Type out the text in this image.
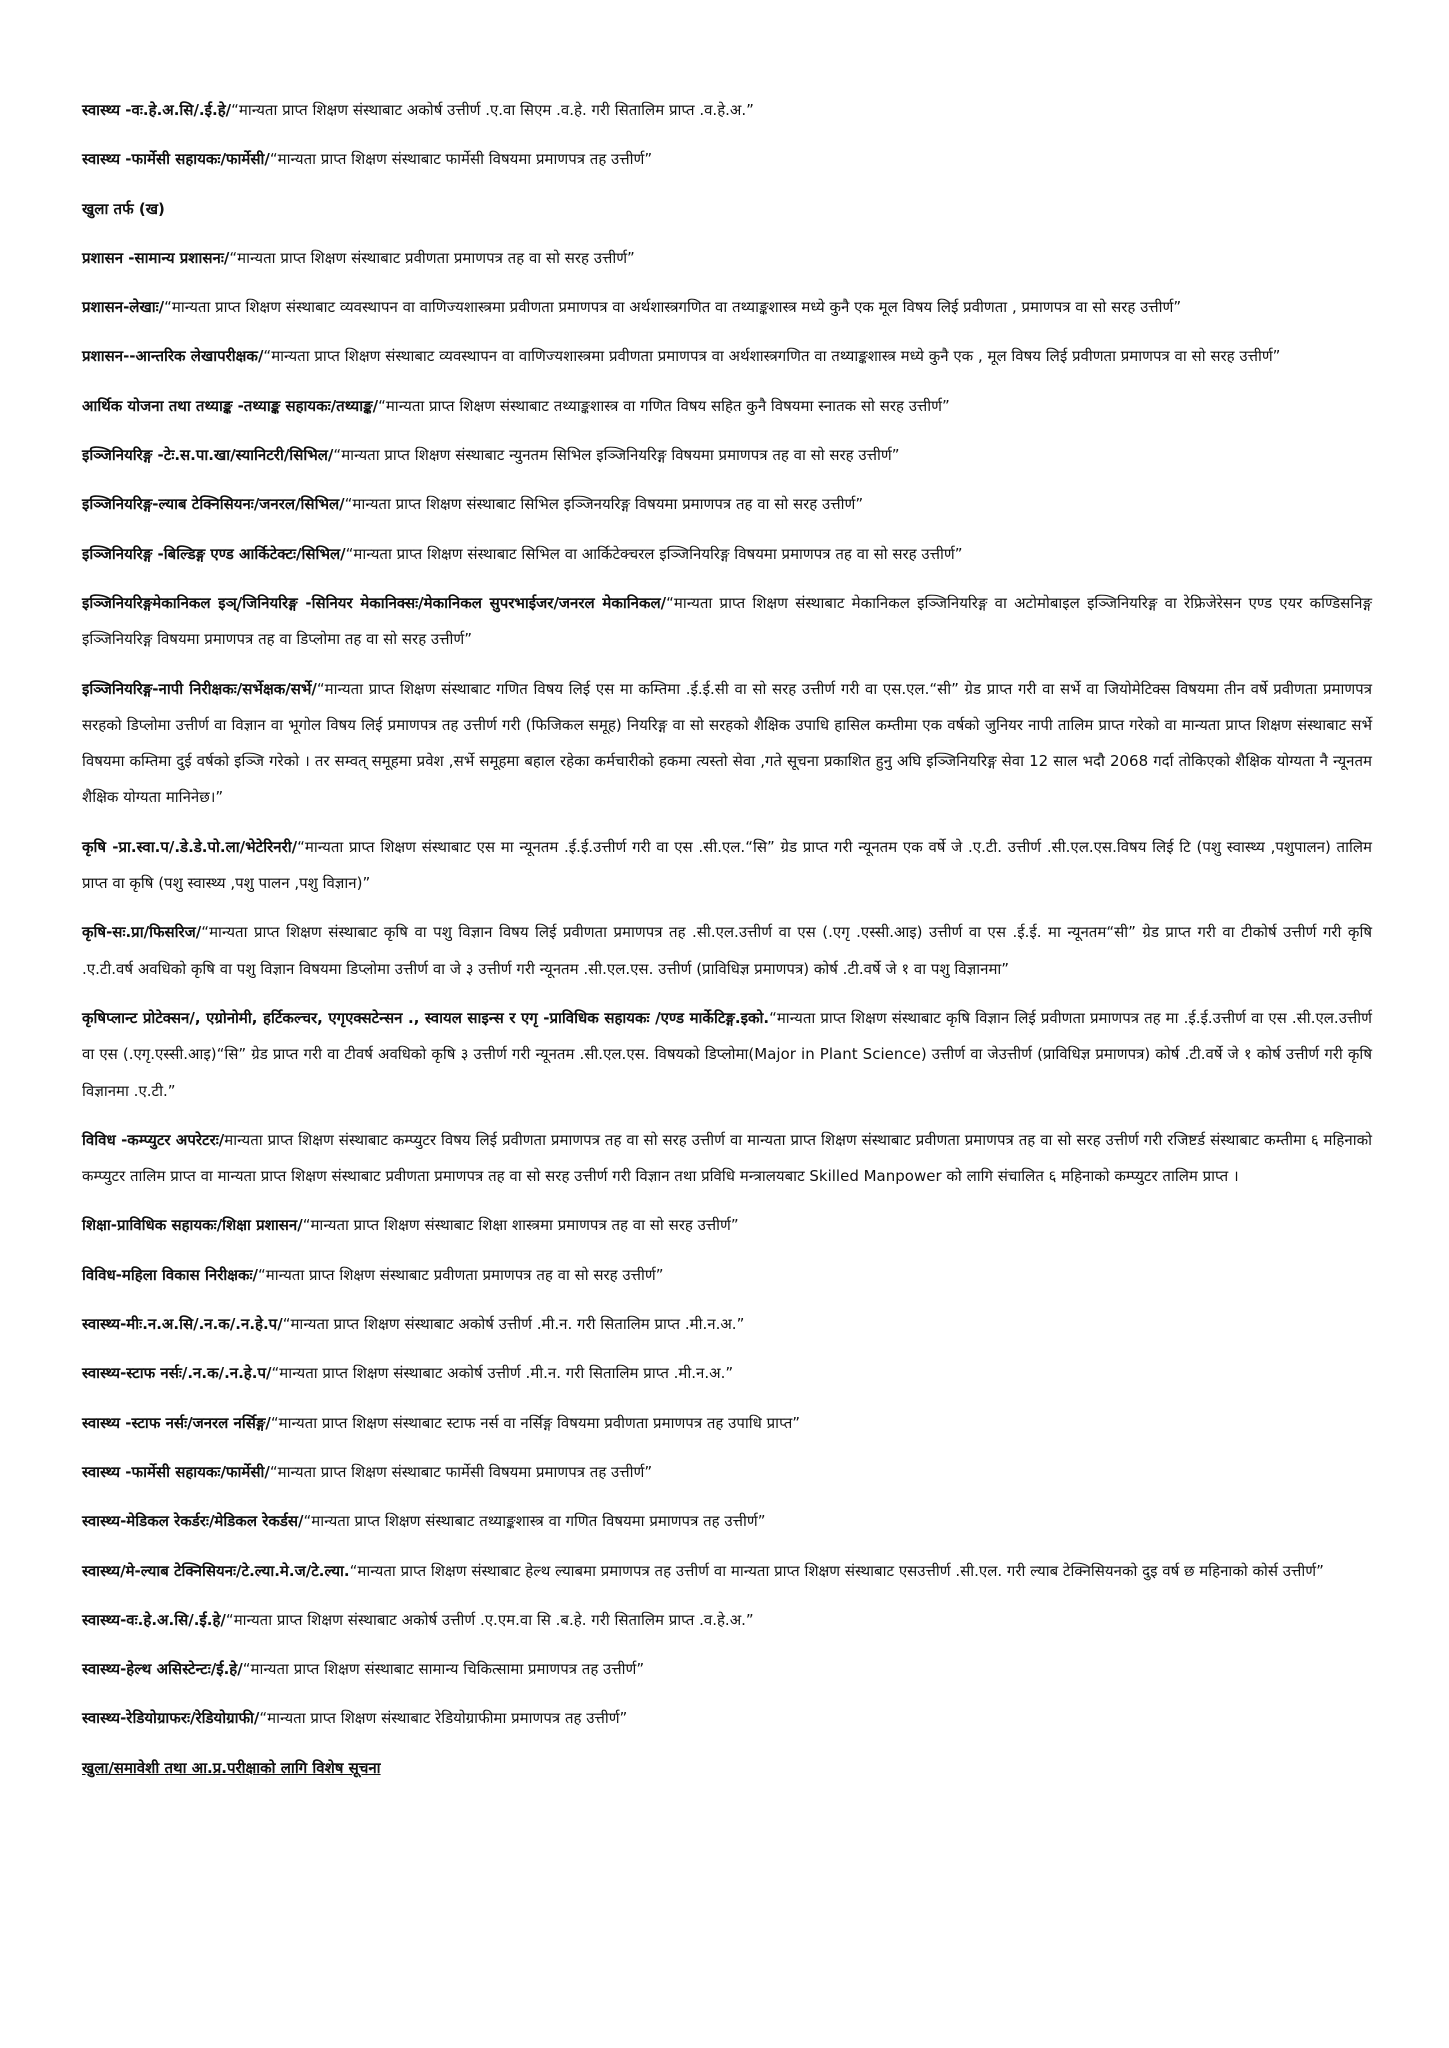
स्वास्थ्य -वः.हे.अ.सि/.ई.हे/“मान्यता प्राप्त शिक्षण संस्थाबाट अकोर्ष उत्तीर्ण .ए.वा सिएम .व.हे. गरी सितालिम प्राप्त .व.हे.अ.”

स्वास्थ्य -फार्मेसी सहायकः/फार्मेसी/“मान्यता प्राप्त शिक्षण संस्थाबाट फार्मेसी विषयमा प्रमाणपत्र तह उत्तीर्ण”

खुला तर्फ (ख)

प्रशासन -सामान्य प्रशासनः/“मान्यता प्राप्त शिक्षण संस्थाबाट प्रवीणता प्रमाणपत्र तह वा सो सरह उत्तीर्ण”

प्रशासन-लेखाः/“मान्यता प्राप्त शिक्षण संस्थाबाट व्यवस्थापन वा वाणिज्यशास्त्रमा प्रवीणता प्रमाणपत्र वा अर्थशास्त्रगणित वा तथ्याङ्कशास्त्र मध्ये कुनै एक मूल विषय लिई प्रवीणता , प्रमाणपत्र वा सो सरह उत्तीर्ण”

प्रशासन--आन्तरिक लेखापरीक्षक/“मान्यता प्राप्त शिक्षण संस्थाबाट व्यवस्थापन वा वाणिज्यशास्त्रमा प्रवीणता प्रमाणपत्र वा अर्थशास्त्रगणित वा तथ्याङ्कशास्त्र मध्ये कुनै एक , मूल विषय लिई प्रवीणता प्रमाणपत्र वा सो सरह उत्तीर्ण”

आर्थिक योजना तथा तथ्याङ्क -तथ्याङ्क सहायकः/तथ्याङ्क/“मान्यता प्राप्त शिक्षण संस्थाबाट तथ्याङ्कशास्त्र वा गणित विषय सहित कुनै विषयमा स्नातक सो सरह उत्तीर्ण”

इञ्जिनियरिङ्ग -टेः.स.पा.खा/स्यानिटरी/सिभिल/“मान्यता प्राप्त शिक्षण संस्थाबाट न्युनतम सिभिल इञ्जिनियरिङ्ग विषयमा प्रमाणपत्र तह वा सो सरह उत्तीर्ण”

इञ्जिनियरिङ्ग-ल्याब टेक्निसियनः/जनरल/सिभिल/“मान्यता प्राप्त शिक्षण संस्थाबाट सिभिल इञ्जिनयरिङ्ग विषयमा प्रमाणपत्र तह वा सो सरह उत्तीर्ण”

इञ्जिनियरिङ्ग -बिल्डिङ्ग एण्ड आर्किटेक्टः/सिभिल/“मान्यता प्राप्त शिक्षण संस्थाबाट सिभिल वा आर्किटेक्चरल इञ्जिनियरिङ्ग विषयमा प्रमाणपत्र तह वा सो सरह उत्तीर्ण”

इञ्जिनियरिङ्गमेकानिकल इञ्/जिनियरिङ्ग -सिनियर मेकानिक्सः/मेकानिकल सुपरभाईजर/जनरल मेकानिकल/“मान्यता प्राप्त शिक्षण संस्थाबाट मेकानिकल इञ्जिनियरिङ्ग वा अटोमोबाइल इञ्जिनियरिङ्ग वा रेफ्रिजेरेसन एण्ड एयर कण्डिसनिङ्ग इञ्जिनियरिङ्ग विषयमा प्रमाणपत्र तह वा डिप्लोमा तह वा सो सरह उत्तीर्ण”

इञ्जिनियरिङ्ग-नापी निरीक्षकः/सर्भेक्षक/सर्भे/“मान्यता प्राप्त शिक्षण संस्थाबाट गणित विषय लिई एस मा कम्तिमा .ई.ई.सी वा सो सरह उत्तीर्ण गरी वा एस.एल.“सी” ग्रेड प्राप्त गरी वा सर्भे वा जियोमेटिक्स विषयमा तीन वर्षे प्रवीणता प्रमाणपत्र सरहको डिप्लोमा उत्तीर्ण वा विज्ञान वा भूगोल विषय लिई प्रमाणपत्र तह उत्तीर्ण गरी (फिजिकल समूह) नियरिङ्ग वा सो सरहको शैक्षिक उपाधि हासिल कम्तीमा एक वर्षको जुनियर नापी तालिम प्राप्त गरेको वा मान्यता प्राप्त शिक्षण संस्थाबाट सर्भे विषयमा कम्तिमा दुई वर्षको इञ्जि गरेको । तर सम्वत् समूहमा प्रवेश ,सर्भे समूहमा बहाल रहेका कर्मचारीको हकमा त्यस्तो सेवा ,गते सूचना प्रकाशित हुनु अघि इञ्जिनियरिङ्ग सेवा 12 साल भदौ 2068 गर्दा तोकिएको शैक्षिक योग्यता नै न्यूनतम शैक्षिक योग्यता मानिनेछ।”

कृषि -प्रा.स्वा.प/.डे.डे.पो.ला/भेटेरिनरी/“मान्यता प्राप्त शिक्षण संस्थाबाट एस मा न्यूनतम .ई.ई.उत्तीर्ण गरी वा एस .सी.एल.“सि” ग्रेड प्राप्त गरी न्यूनतम एक वर्षे जे .ए.टी. उत्तीर्ण .सी.एल.एस.विषय लिई टि (पशु स्वास्थ्य ,पशुपालन) तालिम प्राप्त वा कृषि (पशु स्वास्थ्य ,पशु पालन ,पशु विज्ञान)”

कृषि-सः.प्रा/फिसरिज/“मान्यता प्राप्त शिक्षण संस्थाबाट कृषि वा पशु विज्ञान विषय लिई प्रवीणता प्रमाणपत्र तह .सी.एल.उत्तीर्ण वा एस (.एगृ .एस्सी.आइ) उत्तीर्ण वा एस .ई.ई. मा न्यूनतम“सी” ग्रेड प्राप्त गरी वा टीकोर्ष उत्तीर्ण गरी कृषि .ए.टी.वर्ष अवधिको कृषि वा पशु विज्ञान विषयमा डिप्लोमा उत्तीर्ण वा जे ३ उत्तीर्ण गरी न्यूनतम .सी.एल.एस. उत्तीर्ण (प्राविधिज्ञ प्रमाणपत्र) कोर्ष .टी.वर्षे जे १ वा पशु विज्ञानमा”

कृषिप्लान्ट प्रोटेक्सन/, एग्रोनोमी, हर्टिकल्चर, एगृएक्सटेन्सन ., स्वायल साइन्स र एगृ -प्राविधिक सहायकः /एण्ड मार्केटिङ्ग.इको.“मान्यता प्राप्त शिक्षण संस्थाबाट कृषि विज्ञान लिई प्रवीणता प्रमाणपत्र तह मा .ई.ई.उत्तीर्ण वा एस .सी.एल.उत्तीर्ण वा एस (.एगृ.एस्सी.आइ)“सि” ग्रेड प्राप्त गरी वा टीवर्ष अवधिको कृषि ३ उत्तीर्ण गरी न्यूनतम .सी.एल.एस. विषयको डिप्लोमा(Major in Plant Science) उत्तीर्ण वा जेउत्तीर्ण (प्राविधिज्ञ प्रमाणपत्र) कोर्ष .टी.वर्षे जे १ कोर्ष उत्तीर्ण गरी कृषि विज्ञानमा .ए.टी.”

विविध -कम्प्युटर अपरेटरः/मान्यता प्राप्त शिक्षण संस्थाबाट कम्प्युटर विषय लिई प्रवीणता प्रमाणपत्र तह वा सो सरह उत्तीर्ण वा मान्यता प्राप्त शिक्षण संस्थाबाट प्रवीणता प्रमाणपत्र तह वा सो सरह उत्तीर्ण गरी रजिष्टर्ड संस्थाबाट कम्तीमा ६ महिनाको कम्प्युटर तालिम प्राप्त वा मान्यता प्राप्त शिक्षण संस्थाबाट प्रवीणता प्रमाणपत्र तह वा सो सरह उत्तीर्ण गरी विज्ञान तथा प्रविधि मन्त्रालयबाट Skilled Manpower को लागि संचालित ६ महिनाको कम्प्युटर तालिम प्राप्त ।

शिक्षा-प्राविधिक सहायकः/शिक्षा प्रशासन/“मान्यता प्राप्त शिक्षण संस्थाबाट शिक्षा शास्त्रमा प्रमाणपत्र तह वा सो सरह उत्तीर्ण”

विविध-महिला विकास निरीक्षकः/“मान्यता प्राप्त शिक्षण संस्थाबाट प्रवीणता प्रमाणपत्र तह वा सो सरह उत्तीर्ण”

स्वास्थ्य-मीः.न.अ.सि/.न.क/.न.हे.प/“मान्यता प्राप्त शिक्षण संस्थाबाट अकोर्ष उत्तीर्ण .मी.न. गरी सितालिम प्राप्त .मी.न.अ.”

स्वास्थ्य-स्टाफ नर्सः/.न.क/.न.हे.प/“मान्यता प्राप्त शिक्षण संस्थाबाट अकोर्ष उत्तीर्ण .मी.न. गरी सितालिम प्राप्त .मी.न.अ.”

स्वास्थ्य -स्टाफ नर्सः/जनरल नर्सिङ्ग/“मान्यता प्राप्त शिक्षण संस्थाबाट स्टाफ नर्स वा नर्सिङ्ग विषयमा प्रवीणता प्रमाणपत्र तह उपाधि प्राप्त”

स्वास्थ्य -फार्मेसी सहायकः/फार्मेसी/“मान्यता प्राप्त शिक्षण संस्थाबाट फार्मेसी विषयमा प्रमाणपत्र तह उत्तीर्ण”

स्वास्थ्य-मेडिकल रेकर्डरः/मेडिकल रेकर्डस/“मान्यता प्राप्त शिक्षण संस्थाबाट तथ्याङ्कशास्त्र वा गणित विषयमा प्रमाणपत्र तह उत्तीर्ण”

स्वास्थ्य/मे-ल्याब टेक्निसियनः/टे.ल्या.मे.ज/टे.ल्या.“मान्यता प्राप्त शिक्षण संस्थाबाट हेल्थ ल्याबमा प्रमाणपत्र तह उत्तीर्ण वा मान्यता प्राप्त शिक्षण संस्थाबाट एसउत्तीर्ण .सी.एल. गरी ल्याब टेक्निसियनको दुइ वर्ष छ महिनाको कोर्स उत्तीर्ण”

स्वास्थ्य-वः.हे.अ.सि/.ई.हे/“मान्यता प्राप्त शिक्षण संस्थाबाट अकोर्ष उत्तीर्ण .ए.एम.वा सि .ब.हे. गरी सितालिम प्राप्त .व.हे.अ.”

स्वास्थ्य-हेल्थ असिस्टेन्टः/ई.हे/“मान्यता प्राप्त शिक्षण संस्थाबाट सामान्य चिकित्सामा प्रमाणपत्र तह उत्तीर्ण”

स्वास्थ्य-रेडियोग्राफरः/रेडियोग्राफी/“मान्यता प्राप्त शिक्षण संस्थाबाट रेडियोग्राफीमा प्रमाणपत्र तह उत्तीर्ण”

खुला/समावेशी तथा आ.प्र.परीक्षाको लागि विशेष सूचना
